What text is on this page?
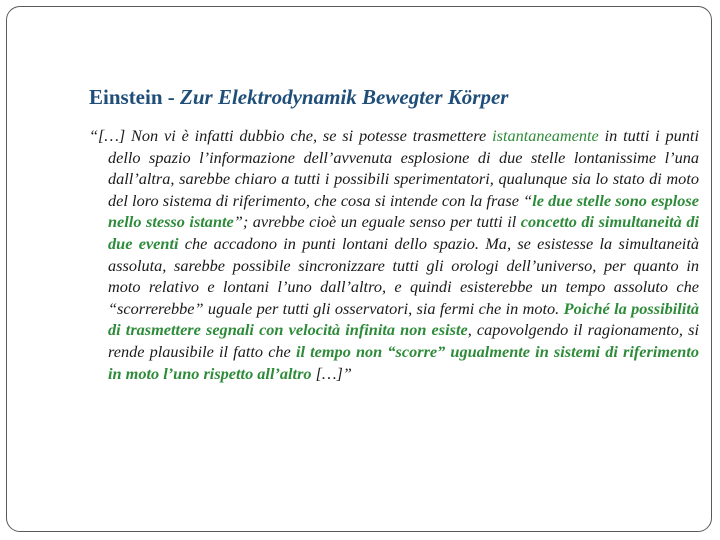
Einstein - Zur Elektrodynamik Bewegter Körper

“[…] Non vi è infatti dubbio che, se si potesse trasmettere istantaneamente in tutti i punti dello spazio l’informazione dell’avvenuta esplosione di due stelle lontanissime l’una dall’altra, sarebbe chiaro a tutti i possibili sperimentatori, qualunque sia lo stato di moto del loro sistema di riferimento, che cosa si intende con la frase “le due stelle sono esplose nello stesso istante”; avrebbe cioè un eguale senso per tutti il concetto di simultaneità di due eventi che accadono in punti lontani dello spazio. Ma, se esistesse la simultaneità assoluta, sarebbe possibile sincronizzare tutti gli orologi dell’universo, per quanto in moto relativo e lontani l’uno dall’altro, e quindi esisterebbe un tempo assoluto che “scorrerebbe” uguale per tutti gli osservatori, sia fermi che in moto. Poiché la possibilità di trasmettere segnali con velocità infinita non esiste, capovolgendo il ragionamento, si rende plausibile il fatto che il tempo non “scorre” ugualmente in sistemi di riferimento in moto l’uno rispetto all’altro […]”
